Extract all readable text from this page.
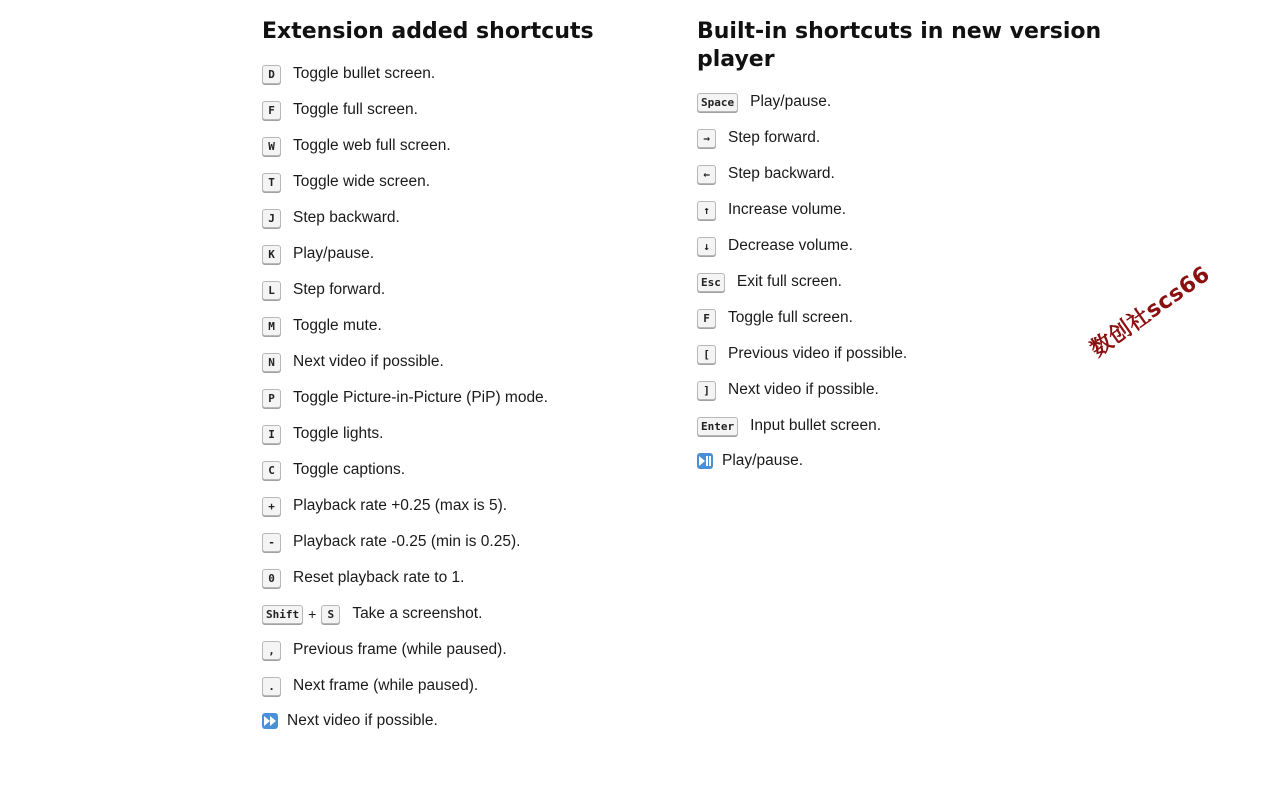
Extension added shortcuts
D	Toggle bullet screen.
F	Toggle full screen.
W	Toggle web full screen.
T	Toggle wide screen.
J	Step backward.
K	Play/pause.
L	Step forward.
M	Toggle mute.
N	Next video if possible.
P	Toggle Picture-in-Picture (PiP) mode.
I	Toggle lights.
C	Toggle captions.
+	Playback rate +0.25 (max is 5).
-	Playback rate -0.25 (min is 0.25).
0	Reset playback rate to 1.
Shift +	S	Take a screenshot.
,	Previous frame (while paused).
.	Next frame (while paused).
Next video if possible.
Built-in shortcuts in new version player
Space Play/pause.
→	Step forward.
←	Step backward.
↑	Increase volume.
↓	Decrease volume.
Esc Exit full screen.
F	Toggle full screen.
[	Previous video if possible.
]	Next video if possible.
Enter Input bullet screen.
Play/pause.
数创社scs66
